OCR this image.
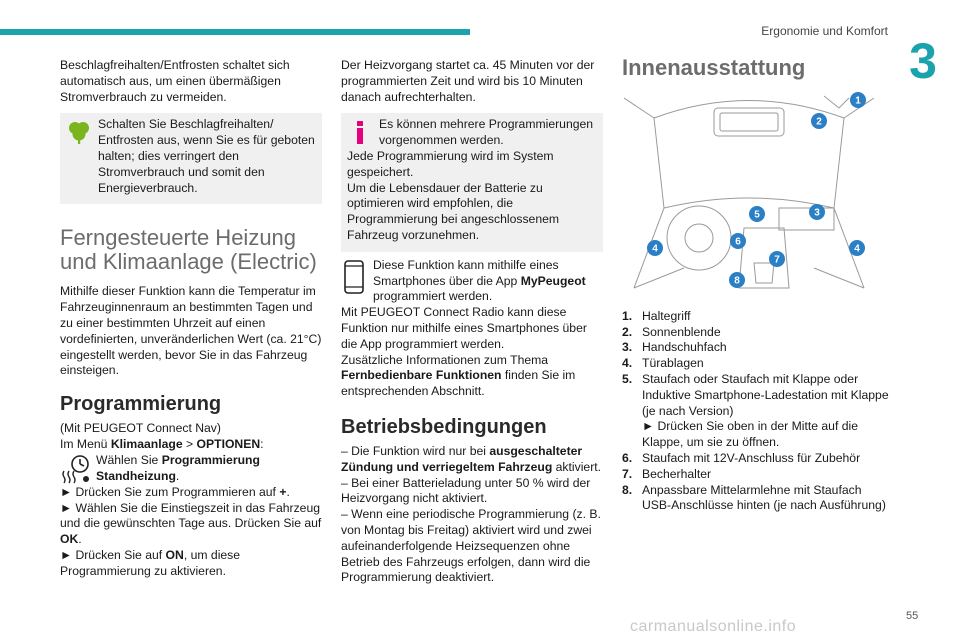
Ergonomie und Komfort
3

Beschlagfreihalten/Entfrosten schaltet sich automatisch aus, um einen übermäßigen Stromverbrauch zu vermeiden.

Schalten Sie Beschlagfreihalten/ Entfrosten aus, wenn Sie es für geboten halten; dies verringert den Stromverbrauch und somit den Energieverbrauch.

Ferngesteuerte Heizung und Klimaanlage (Electric)

Mithilfe dieser Funktion kann die Temperatur im Fahrzeuginnenraum an bestimmten Tagen und zu einer bestimmten Uhrzeit auf einen vordefinierten, unveränderlichen Wert (ca. 21°C) eingestellt werden, bevor Sie in das Fahrzeug einsteigen.

Programmierung

(Mit PEUGEOT Connect Nav)

Im Menü Klimaanlage > OPTIONEN:

Wählen Sie Programmierung Standheizung.

► Drücken Sie zum Programmieren auf +.

► Wählen Sie die Einstiegszeit in das Fahrzeug und die gewünschten Tage aus. Drücken Sie auf OK.

► Drücken Sie auf ON, um diese Programmierung zu aktivieren.

Der Heizvorgang startet ca. 45 Minuten vor der programmierten Zeit und wird bis 10 Minuten danach aufrechterhalten.

Es können mehrere Programmierungen vorgenommen werden.

Jede Programmierung wird im System gespeichert.

Um die Lebensdauer der Batterie zu optimieren wird empfohlen, die Programmierung bei angeschlossenem Fahrzeug vorzunehmen.

Diese Funktion kann mithilfe eines Smartphones über die App MyPeugeot programmiert werden.

Mit PEUGEOT Connect Radio kann diese Funktion nur mithilfe eines Smartphones über die App programmiert werden.

Zusätzliche Informationen zum Thema Fernbedienbare Funktionen finden Sie im entsprechenden Abschnitt.

Betriebsbedingungen

– Die Funktion wird nur bei ausgeschalteter Zündung und verriegeltem Fahrzeug aktiviert.

– Bei einer Batterieladung unter 50 % wird der Heizvorgang nicht aktiviert.

– Wenn eine periodische Programmierung (z. B. von Montag bis Freitag) aktiviert wird und zwei aufeinanderfolgende Heizsequenzen ohne Betrieb des Fahrzeugs erfolgen, dann wird die Programmierung deaktiviert.

Innenausstattung
1
2
3
4
5
6
7
8
4
1. Haltegriff
2. Sonnenblende
3. Handschuhfach
4. Türablagen
5. Staufach oder Staufach mit Klappe oder Induktive Smartphone-Ladestation mit Klappe (je nach Version)
► Drücken Sie oben in der Mitte auf die Klappe, um sie zu öffnen.
6. Staufach mit 12V-Anschluss für Zubehör
7. Becherhalter
8. Anpassbare Mittelarmlehne mit Staufach USB-Anschlüsse hinten (je nach Ausführung)
55
carmanualsonline.info
